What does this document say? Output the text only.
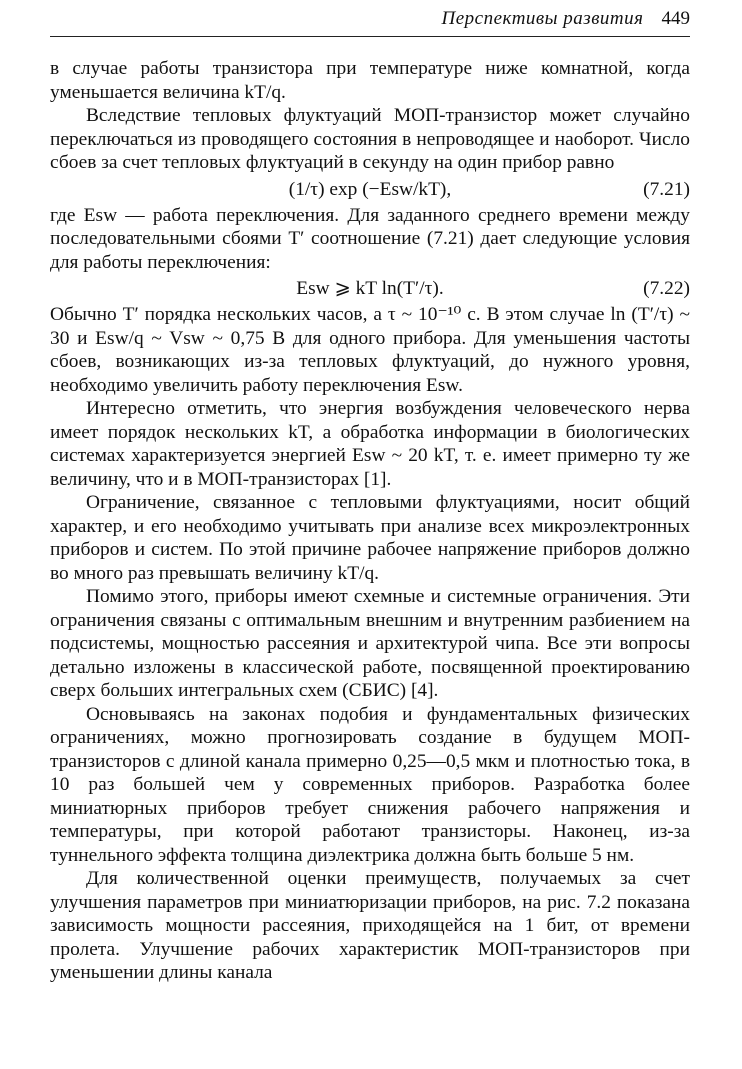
Перспективы развития 449

в случае работы транзистора при температуре ниже комнатной, когда уменьшается величина kT/q.

Вследствие тепловых флуктуаций МОП-транзистор может случайно переключаться из проводящего состояния в непроводящее и наоборот. Число сбоев за счет тепловых флуктуаций в секунду на один прибор равно

(1/τ) exp (−Esw/kT),	(7.21)

где Esw — работа переключения. Для заданного среднего времени между последовательными сбоями T′ соотношение (7.21) дает следующие условия для работы переключения:

Esw ⩾ kT ln(T′/τ).	(7.22)

Обычно T′ порядка нескольких часов, а τ ~ 10⁻¹⁰ с. В этом случае ln (T′/τ) ~ 30 и Esw/q ~ Vsw ~ 0,75 В для одного прибора. Для уменьшения частоты сбоев, возникающих из-за тепловых флуктуаций, до нужного уровня, необходимо увеличить работу переключения Esw.

Интересно отметить, что энергия возбуждения человеческого нерва имеет порядок нескольких kT, а обработка информации в биологических системах характеризуется энергией Esw ~ 20 kT, т. е. имеет примерно ту же величину, что и в МОП-транзисторах [1].

Ограничение, связанное с тепловыми флуктуациями, носит общий характер, и его необходимо учитывать при анализе всех микроэлектронных приборов и систем. По этой причине рабочее напряжение приборов должно во много раз превышать величину kT/q.

Помимо этого, приборы имеют схемные и системные ограничения. Эти ограничения связаны с оптимальным внешним и внутренним разбиением на подсистемы, мощностью рассеяния и архитектурой чипа. Все эти вопросы детально изложены в классической работе, посвященной проектированию сверх больших интегральных схем (СБИС) [4].

Основываясь на законах подобия и фундаментальных физических ограничениях, можно прогнозировать создание в будущем МОП-транзисторов с длиной канала примерно 0,25—0,5 мкм и плотностью тока, в 10 раз большей чем у современных приборов. Разработка более миниатюрных приборов требует снижения рабочего напряжения и температуры, при которой работают транзисторы. Наконец, из-за туннельного эффекта толщина диэлектрика должна быть больше 5 нм.

Для количественной оценки преимуществ, получаемых за счет улучшения параметров при миниатюризации приборов, на рис. 7.2 показана зависимость мощности рассеяния, приходящейся на 1 бит, от времени пролета. Улучшение рабочих характеристик МОП-транзисторов при уменьшении длины канала
